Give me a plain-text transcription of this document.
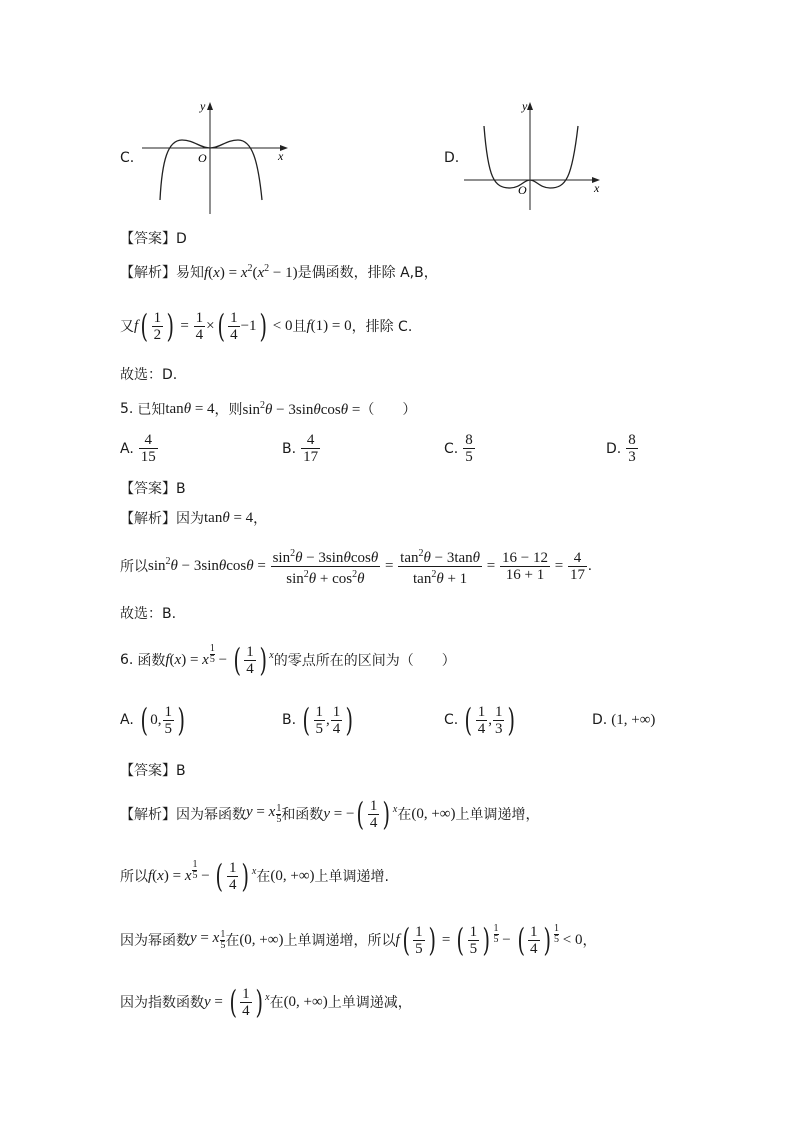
C.
y
x
O	D.
y
x
O
【答案】D
【解析】 易知 $f(x) = x^2(x^2 - 1)$ 是偶函数，排除 A,B，
又 $f( \frac{1}{2}$ ) = $\frac{1}{4}$ ×( $\frac{1}{4} -1) < 0$ 且 f(1) = 0 ，排除 C.
故选：D.
5. 已知 tanθ = 4 ，则 $\sin^2\theta - 3\sin\theta\cos\theta$ = （　　）
A. $\frac{4}{15}$	B. $\frac{4}{17}$	C. $\frac{8}{5}$	D. $\frac{8}{3}$
【答案】B
【解析】 因为 tanθ = 4 ，
所以 $\sin^2\theta - 3\sin\theta\cos\theta = \frac{\sin^2\theta - 3\sin\theta\cos\theta}{\sin^2\theta + \cos^2\theta} = \frac{\tan^2\theta - 3\tan\theta}{\tan^2\theta + 1} = \frac{16 - 12}{16 + 1} = \frac{4}{17}$ .
故选：B.
6. 函数 f(x) = x $\frac{1}{5}$ − ( $\frac{1}{4}$ ) $^x$ 的零点所在的区间为（　　）
A. ( 0, $\frac{1}{5}$ )	B. ( $\frac{1}{5}$ , $\frac{1}{4}$ )	C. ( $\frac{1}{4}$ , $\frac{1}{3}$ )	D. (1, +∞)
【答案】B
【解析】 因为幂函数 y = x $\frac{1}{5}$ 和函数 y = −( $\frac{1}{4}$ ) $^x$ 在 (0, +∞) 上单调递增，
所以 f(x) = x $\frac{1}{5}$ − ( $\frac{1}{4}$ ) $^x$ 在 (0, +∞) 上单调递增.
因为幂函数 y = x $\frac{1}{5}$ 在 (0, +∞) 上单调递增，所以 $f( \frac{1}{5}$ ) = ( $\frac{1}{5}$ ) $\frac{1}{5}$ − ( $\frac{1}{4}$ ) $\frac{1}{5} < 0$ ，
因为指数函数 y = ( $\frac{1}{4}$ ) $^x$ 在 (0, +∞) 上单调递减，
